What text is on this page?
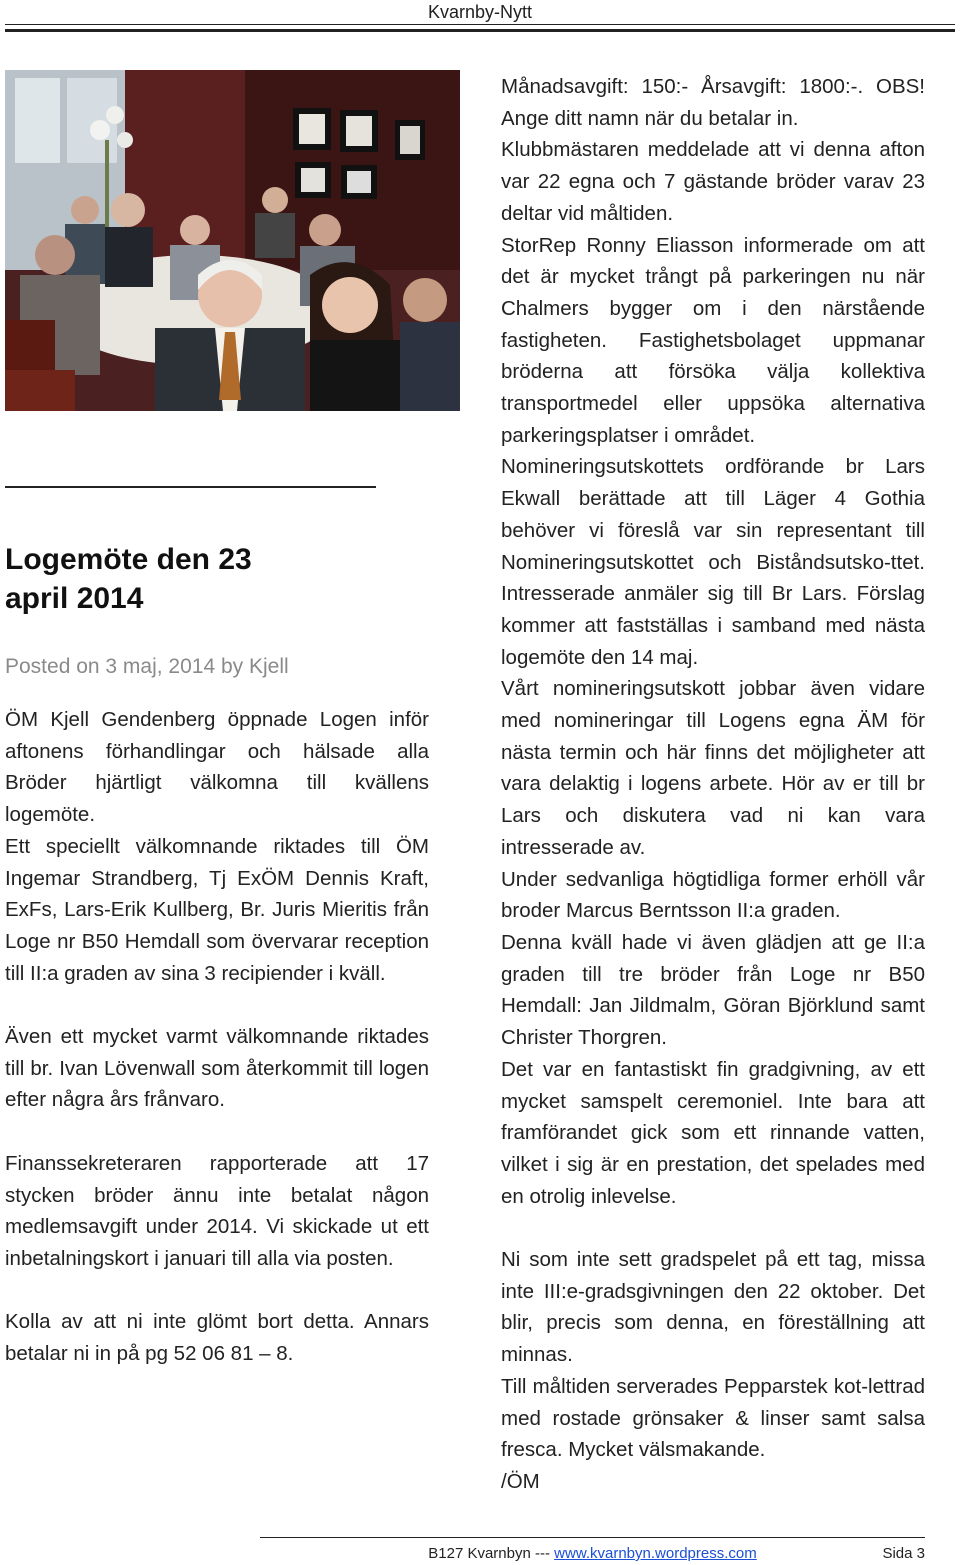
Kvarnby-Nytt
Logemöte den 23
april 2014
Posted on 3 maj, 2014 by Kjell

ÖM Kjell Gendenberg öppnade Logen inför aftonens förhandlingar och hälsade alla Bröder hjärtligt välkomna till kvällens logemöte.

Ett speciellt välkomnande riktades till ÖM Ingemar Strandberg, Tj ExÖM Dennis Kraft, ExFs, Lars-Erik Kullberg, Br. Juris Mieritis från Loge nr B50 Hemdall som övervarar reception till II:a graden av sina 3 recipiender i kväll.

Även ett mycket varmt välkomnande riktades till br. Ivan Lövenwall som återkommit till logen efter några års frånvaro.

Finanssekreteraren rapporterade att 17 stycken bröder ännu inte betalat någon medlemsavgift under 2014. Vi skickade ut ett inbetalningskort i januari till alla via posten.

Kolla av att ni inte glömt bort detta. Annars betalar ni in på pg 52 06 81 – 8.

Månadsavgift: 150:- Årsavgift: 1800:-. OBS! Ange ditt namn när du betalar in.

Klubbmästaren meddelade att vi denna afton var 22 egna och 7 gästande bröder varav 23 deltar vid måltiden.

StorRep Ronny Eliasson informerade om att det är mycket trångt på parkeringen nu när Chalmers bygger om i den närstående fastigheten. Fastighetsbolaget uppmanar bröderna att försöka välja kollektiva transportmedel eller uppsöka alternativa parkeringsplatser i området.

Nomineringsutskottets ordförande br Lars Ekwall berättade att till Läger 4 Gothia behöver vi föreslå var sin representant till Nomineringsutskottet och Biståndsutsko-ttet. Intresserade anmäler sig till Br Lars. Förslag kommer att fastställas i samband med nästa logemöte den 14 maj.

Vårt nomineringsutskott jobbar även vidare med nomineringar till Logens egna ÄM för nästa termin och här finns det möjligheter att vara delaktig i logens arbete. Hör av er till br Lars och diskutera vad ni kan vara intresserade av.

Under sedvanliga högtidliga former erhöll vår broder Marcus Berntsson II:a graden.

Denna kväll hade vi även glädjen att ge II:a graden till tre bröder från Loge nr B50 Hemdall: Jan Jildmalm, Göran Björklund samt Christer Thorgren.

Det var en fantastiskt fin gradgivning, av ett mycket samspelt ceremoniel. Inte bara att framförandet gick som ett rinnande vatten, vilket i sig är en prestation, det spelades med en otrolig inlevelse.

Ni som inte sett gradspelet på ett tag, missa inte III:e-gradsgivningen den 22 oktober. Det blir, precis som denna, en föreställning att minnas.

Till måltiden serverades Pepparstek kot-lettrad med rostade grönsaker & linser samt salsa fresca. Mycket välsmakande.

/ÖM

B127 Kvarnbyn --- www.kvarnbyn.wordpress.com	Sida 3
